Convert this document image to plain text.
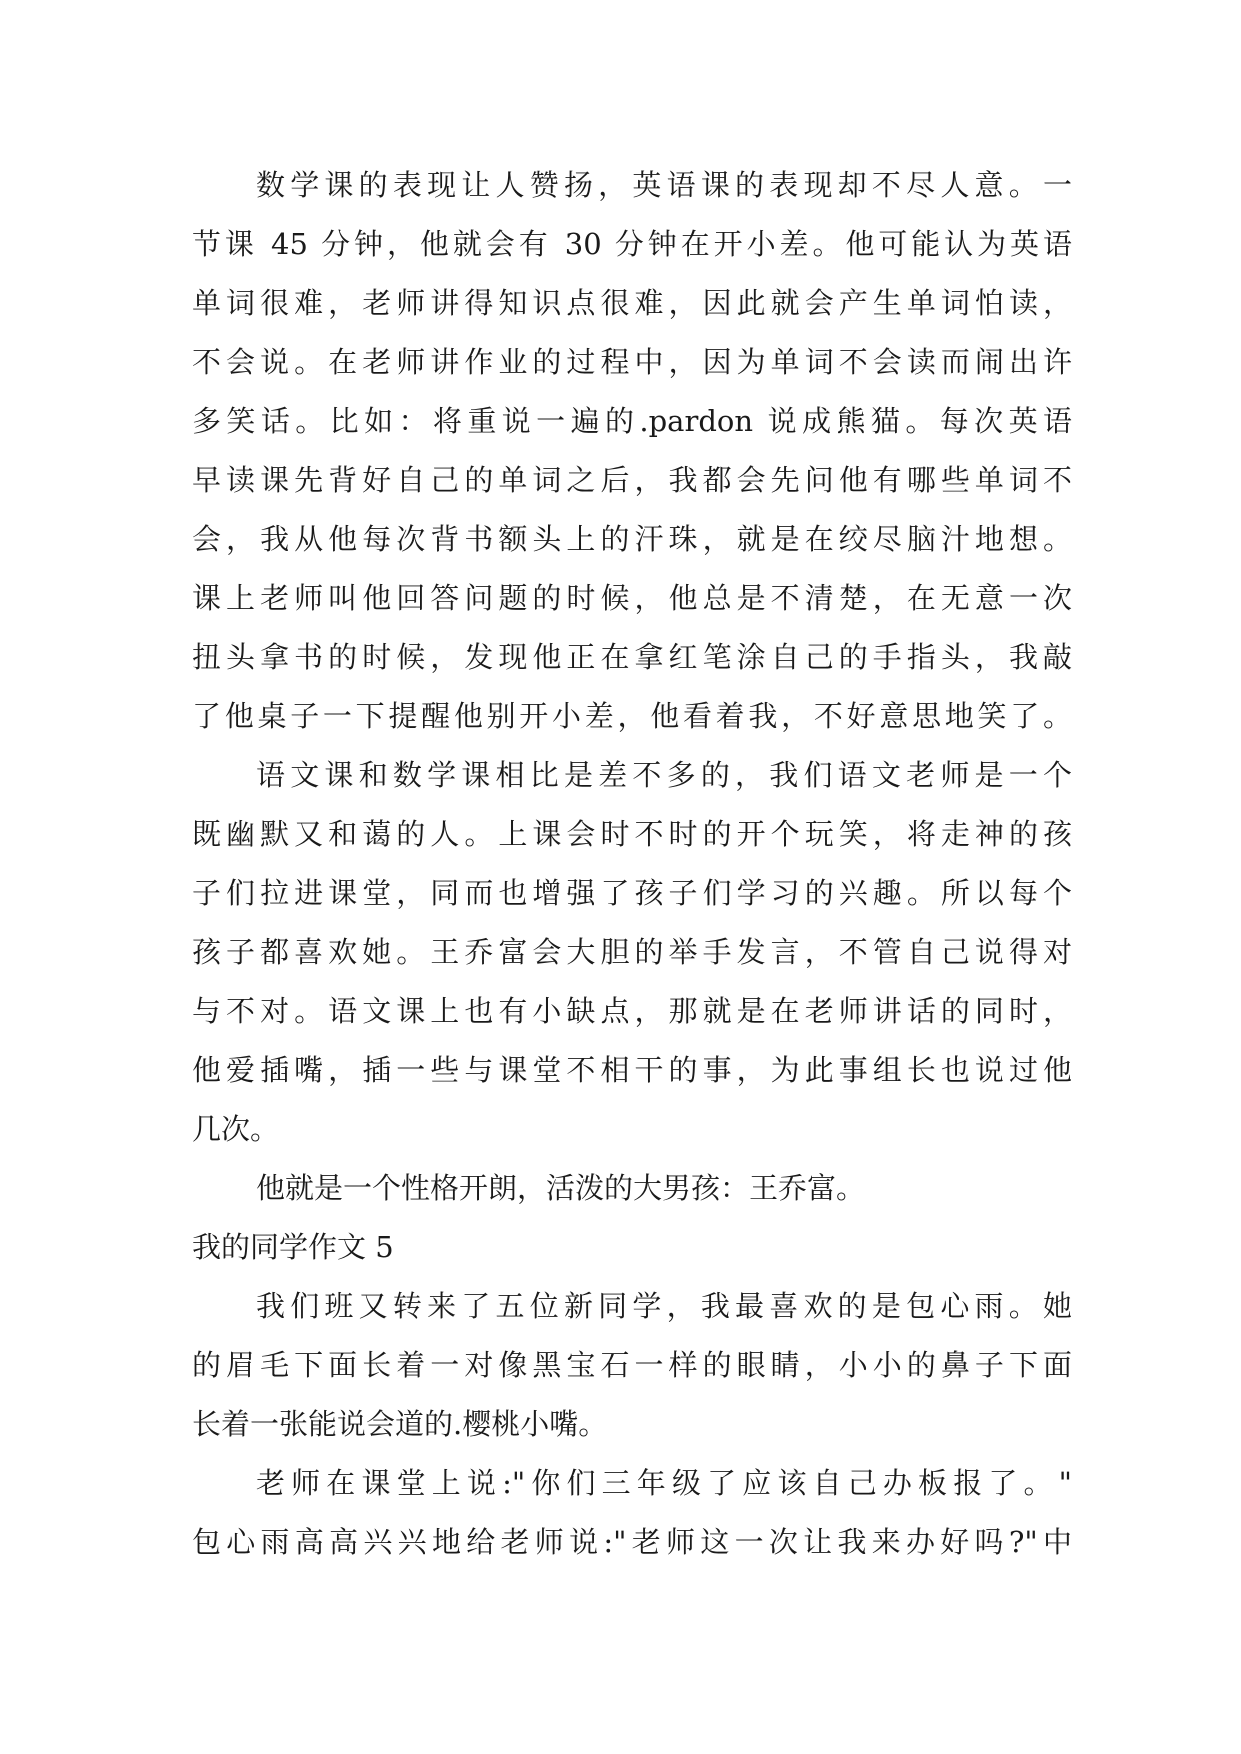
数学课的表现让人赞扬，英语课的表现却不尽人意。一
节课 45 分钟，他就会有 30 分钟在开小差。他可能认为英语
单词很难，老师讲得知识点很难，因此就会产生单词怕读，
不会说。在老师讲作业的过程中，因为单词不会读而闹出许
多笑话。比如：将重说一遍的.pardon 说成熊猫。每次英语
早读课先背好自己的单词之后，我都会先问他有哪些单词不
会，我从他每次背书额头上的汗珠，就是在绞尽脑汁地想。
课上老师叫他回答问题的时候，他总是不清楚，在无意一次
扭头拿书的时候，发现他正在拿红笔涂自己的手指头，我敲
了他桌子一下提醒他别开小差，他看着我，不好意思地笑了。
语文课和数学课相比是差不多的，我们语文老师是一个
既幽默又和蔼的人。上课会时不时的开个玩笑，将走神的孩
子们拉进课堂，同而也增强了孩子们学习的兴趣。所以每个
孩子都喜欢她。王乔富会大胆的举手发言，不管自己说得对
与不对。语文课上也有小缺点，那就是在老师讲话的同时，
他爱插嘴，插一些与课堂不相干的事，为此事组长也说过他
几次。
他就是一个性格开朗，活泼的大男孩：王乔富。
我的同学作文 5
我们班又转来了五位新同学，我最喜欢的是包心雨。她
的眉毛下面长着一对像黑宝石一样的眼睛，小小的鼻子下面
长着一张能说会道的.樱桃小嘴。
老师在课堂上说:"你们三年级了应该自己办板报了。"
包心雨高高兴兴地给老师说:"老师这一次让我来办好吗?"中
